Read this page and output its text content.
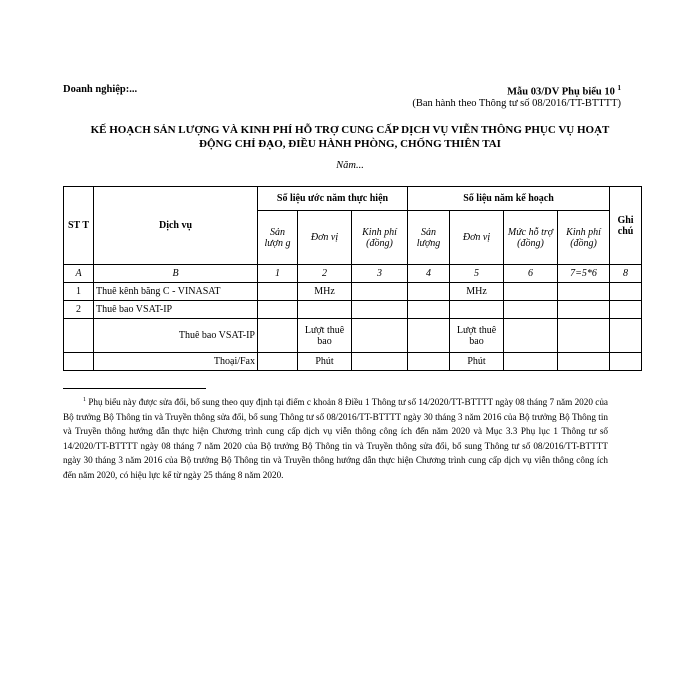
Doanh nghiệp:...	Mẫu 03/DV Phụ biểu 10 $^1$
(Ban hành theo Thông tư số 08/2016/TT-BTTTT)
KẾ HOẠCH SẢN LƯỢNG VÀ KINH PHÍ HỖ TRỢ CUNG CẤP DỊCH VỤ VIỄN THÔNG PHỤC VỤ HOẠT
ĐỘNG CHỈ ĐẠO, ĐIỀU HÀNH PHÒNG, CHỐNG THIÊN TAI
Năm...
ST T	Dịch vụ	Số liệu ước năm thực hiện			Số liệu năm kế hoạch				Ghi chú
		Sản lượn g	Đơn vị	Kinh phí (đồng)	Sản lượng	Đơn vị	Mức hỗ trợ (đồng)	Kinh phí (đồng)	
A	B	1	2	3	4	5	6	7=5*6	8
1	Thuê kênh băng C - VINASAT		MHz			MHz			
2	Thuê bao VSAT-IP								
	Thuê bao VSAT-IP		Lượt thuê bao			Lượt thuê bao			
	Thoại/Fax		Phút			Phút			
$^1$ Phụ biểu này được sửa đổi, bổ sung theo quy định tại điểm c khoản 8 Điều 1 Thông tư số 14/2020/TT-BTTTT ngày 08 tháng 7 năm 2020 của Bộ trưởng Bộ Thông tin và Truyền thông sửa đổi, bổ sung Thông tư số 08/2016/TT-BTTTT ngày 30 tháng 3 năm 2016 của Bộ trưởng Bộ Thông tin và Truyền thông hướng dẫn thực hiện Chương trình cung cấp dịch vụ viễn thông công ích đến năm 2020 và Mục 3.3 Phụ lục 1 Thông tư số 14/2020/TT-BTTTT ngày 08 tháng 7 năm 2020 của Bộ trưởng Bộ Thông tin và Truyền thông sửa đổi, bổ sung Thông tư số 08/2016/TT-BTTTT ngày 30 tháng 3 năm 2016 của Bộ trưởng Bộ Thông tin và Truyền thông hướng dẫn thực hiện Chương trình cung cấp dịch vụ viễn thông công ích đến năm 2020, có hiệu lực kể từ ngày 25 tháng 8 năm 2020.
